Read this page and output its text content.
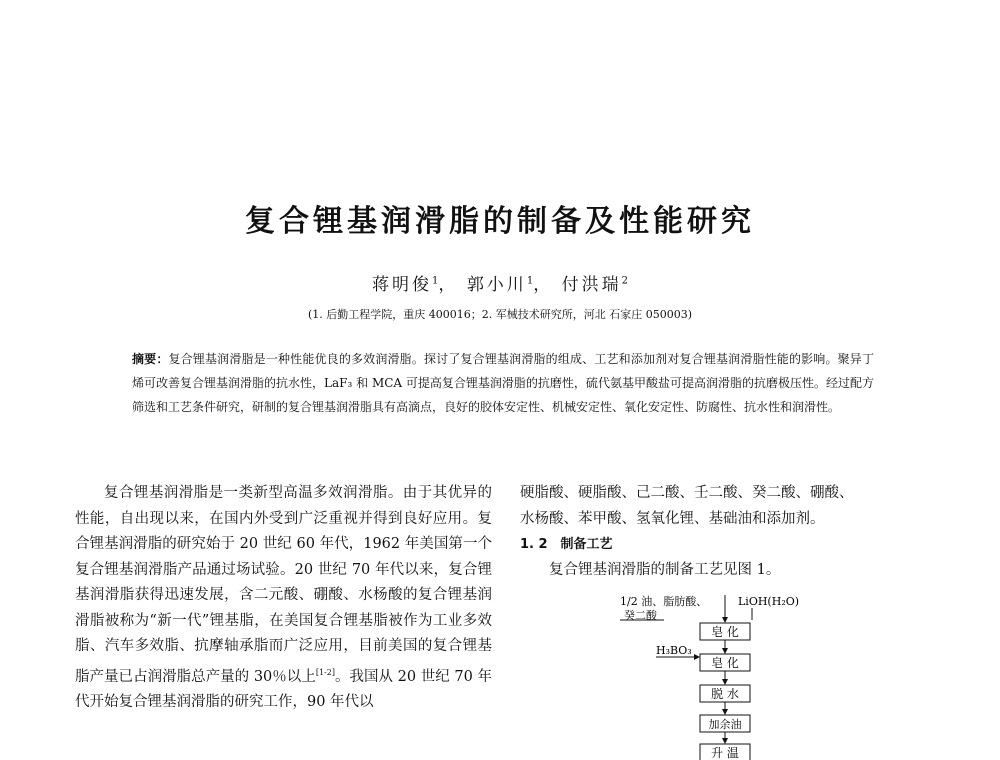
复合锂基润滑脂的制备及性能研究
蒋明俊$^1$， 郭小川$^1$， 付洪瑞$^2$
(1. 后勤工程学院，重庆 400016；2. 军械技术研究所，河北 石家庄 050003)
摘要：复合锂基润滑脂是一种性能优良的多效润滑脂。探讨了复合锂基润滑脂的组成、工艺和添加剂对复合锂基润滑脂性能的影响。聚异丁烯可改善复合锂基润滑脂的抗水性，LaF₃ 和 MCA 可提高复合锂基润滑脂的抗磨性，硫代氨基甲酸盐可提高润滑脂的抗磨极压性。经过配方筛选和工艺条件研究，研制的复合锂基润滑脂具有高滴点，良好的胶体安定性、机械安定性、氧化安定性、防腐性、抗水性和润滑性。

复合锂基润滑脂是一类新型高温多效润滑脂。由于其优异的性能，自出现以来，在国内外受到广泛重视并得到良好应用。复合锂基润滑脂的研究始于 20 世纪 60 年代，1962 年美国第一个复合锂基润滑脂产品通过场试验。20 世纪 70 年代以来，复合锂基润滑脂获得迅速发展，含二元酸、硼酸、水杨酸的复合锂基润滑脂被称为“新一代”锂基脂，在美国复合锂基脂被作为工业多效脂、汽车多效脂、抗摩轴承脂而广泛应用，目前美国的复合锂基脂产量已占润滑脂总产量的 30％以上[1-2]。我国从 20 世纪 70 年代开始复合锂基润滑脂的研究工作，90 年代以

硬脂酸、硬脂酸、己二酸、壬二酸、癸二酸、硼酸、

水杨酸、苯甲酸、氢氧化锂、基础油和添加剂。

1. 2　制备工艺

复合锂基润滑脂的制备工艺见图 1。

1/2 油、脂肪酸、
癸二酸
LiOH(H₂O)
皂 化
H₃BO₃
皂 化
脱 水
加余油
升 温
